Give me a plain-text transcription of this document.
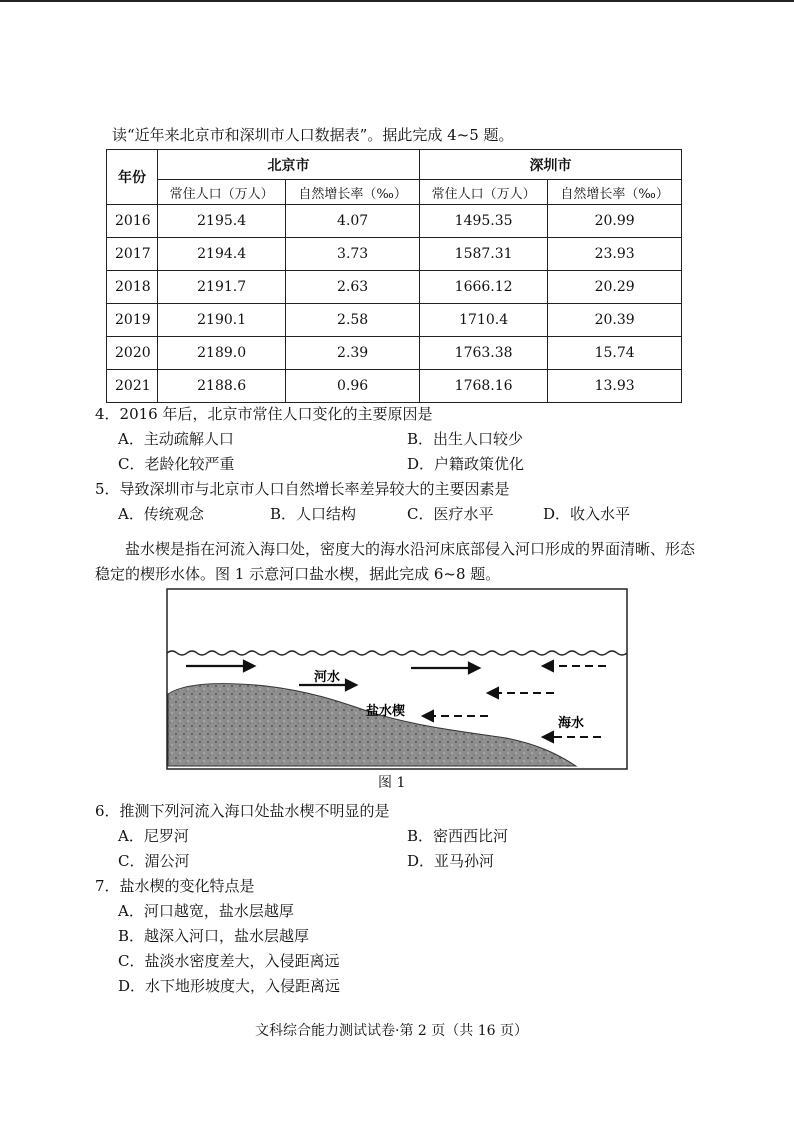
读“近年来北京市和深圳市人口数据表”。据此完成 4~5 题。
年份	北京市		深圳市	
	常住人口（万人）	自然增长率（‰）	常住人口（万人）	自然增长率（‰）
2016	2195.4	4.07	1495.35	20.99
2017	2194.4	3.73	1587.31	23.93
2018	2191.7	2.63	1666.12	20.29
2019	2190.1	2.58	1710.4	20.39
2020	2189.0	2.39	1763.38	15.74
2021	2188.6	0.96	1768.16	13.93
4．2016 年后，北京市常住人口变化的主要原因是
A．主动疏解人口	B．出生人口较少
C．老龄化较严重	D．户籍政策优化
5．导致深圳市与北京市人口自然增长率差异较大的主要因素是
A．传统观念	B．人口结构	C．医疗水平	D．收入水平
盐水楔是指在河流入海口处，密度大的海水沿河床底部侵入河口形成的界面清晰、形态
稳定的楔形水体。图 1 示意河口盐水楔，据此完成 6~8 题。
河水
盐水楔
海水
图 1
6．推测下列河流入海口处盐水楔不明显的是
A．尼罗河	B．密西西比河
C．湄公河	D．亚马孙河
7．盐水楔的变化特点是
A．河口越宽，盐水层越厚
B．越深入河口，盐水层越厚
C．盐淡水密度差大，入侵距离远
D．水下地形坡度大，入侵距离远
文科综合能力测试试卷·第 2 页（共 16 页）
